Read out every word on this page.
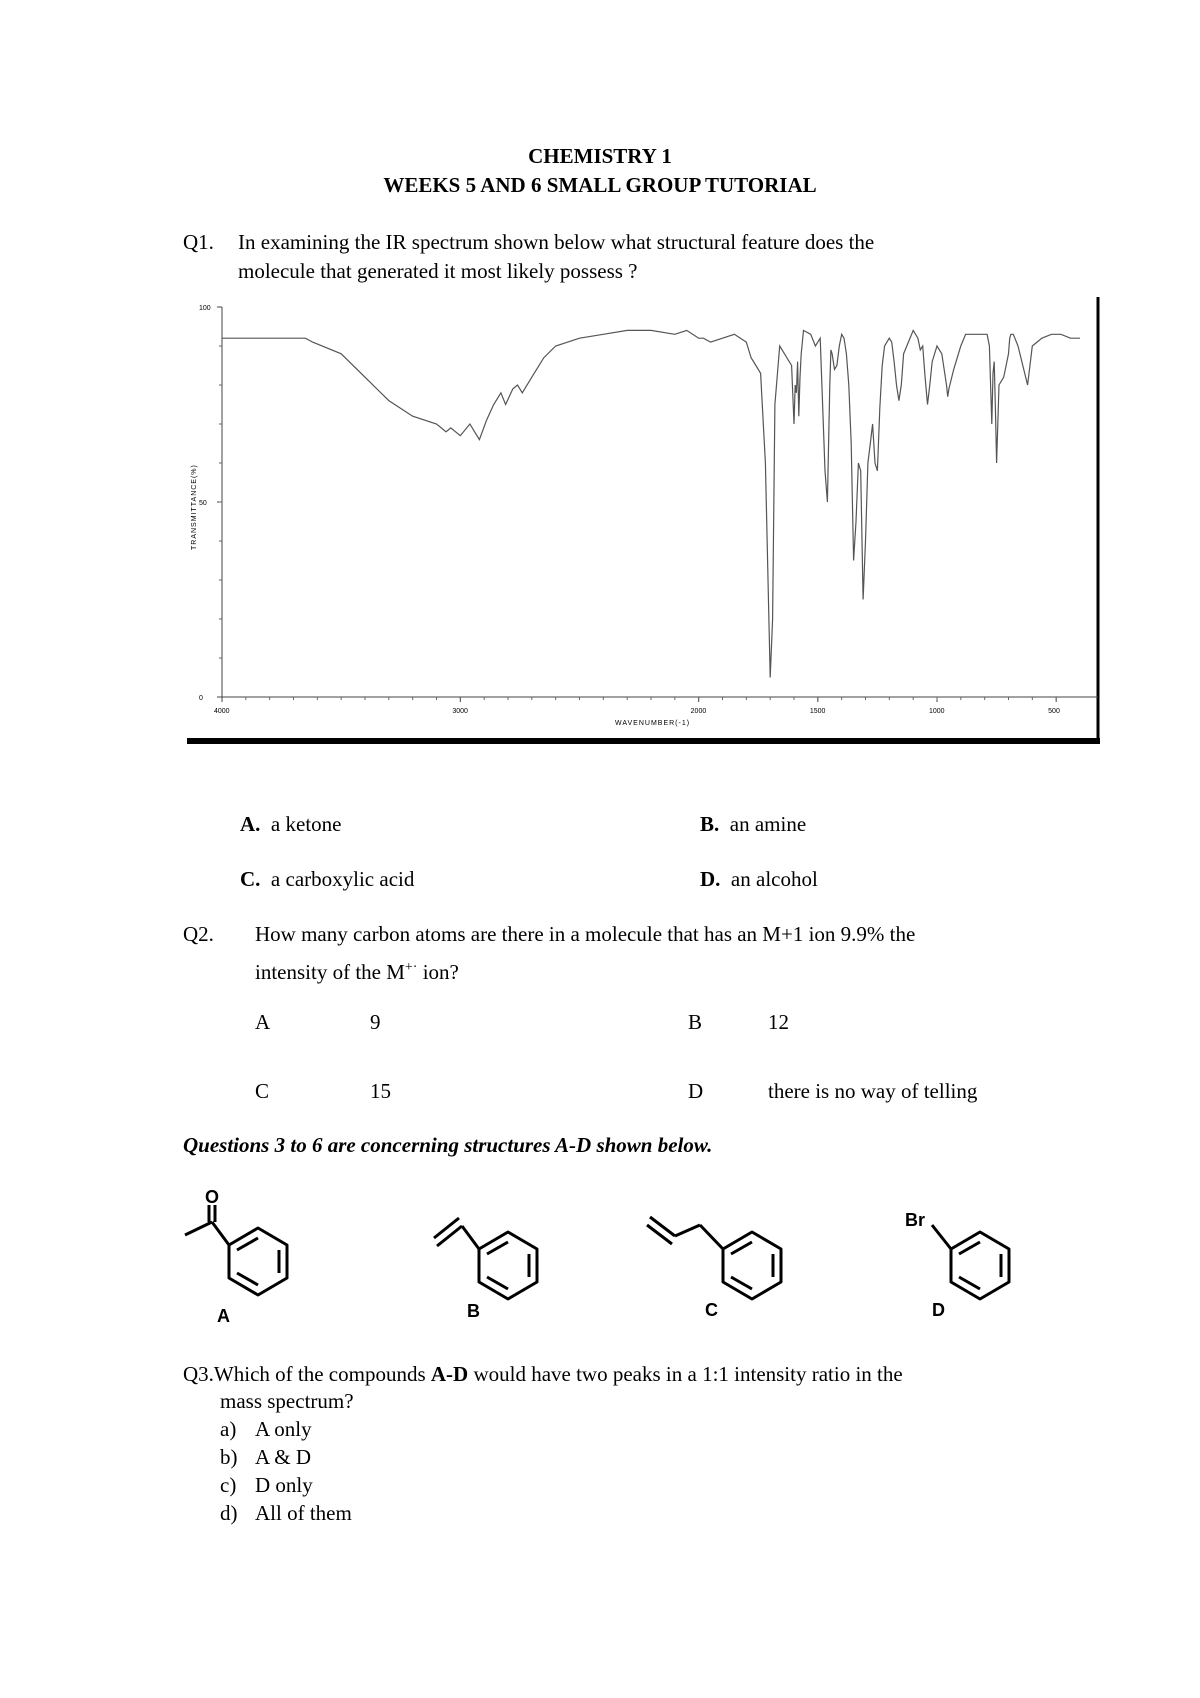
CHEMISTRY 1
WEEKS 5 AND 6 SMALL GROUP TUTORIAL
Q1. In examining the IR spectrum shown below what structural feature does the
molecule that generated it most likely possess ?
4000	3000	2000	1500	1000	500
0
50
100
WAVENUMBER(-1)
TRANSMITTANCE(%)
A. a ketone	B. an amine
C. a carboxylic acid	D. an alcohol
Q2. How many carbon atoms are there in a molecule that has an M+1 ion 9.9% the
intensity of the M+· ion?
A	9	B	12
C	15	D	there is no way of telling
Questions 3 to 6 are concerning structures A-D shown below.
O
Br
A	B	C	D
Q3.Which of the compounds A-D would have two peaks in a 1:1 intensity ratio in the
mass spectrum?
a) A only
b) A & D
c) D only
d) All of them
